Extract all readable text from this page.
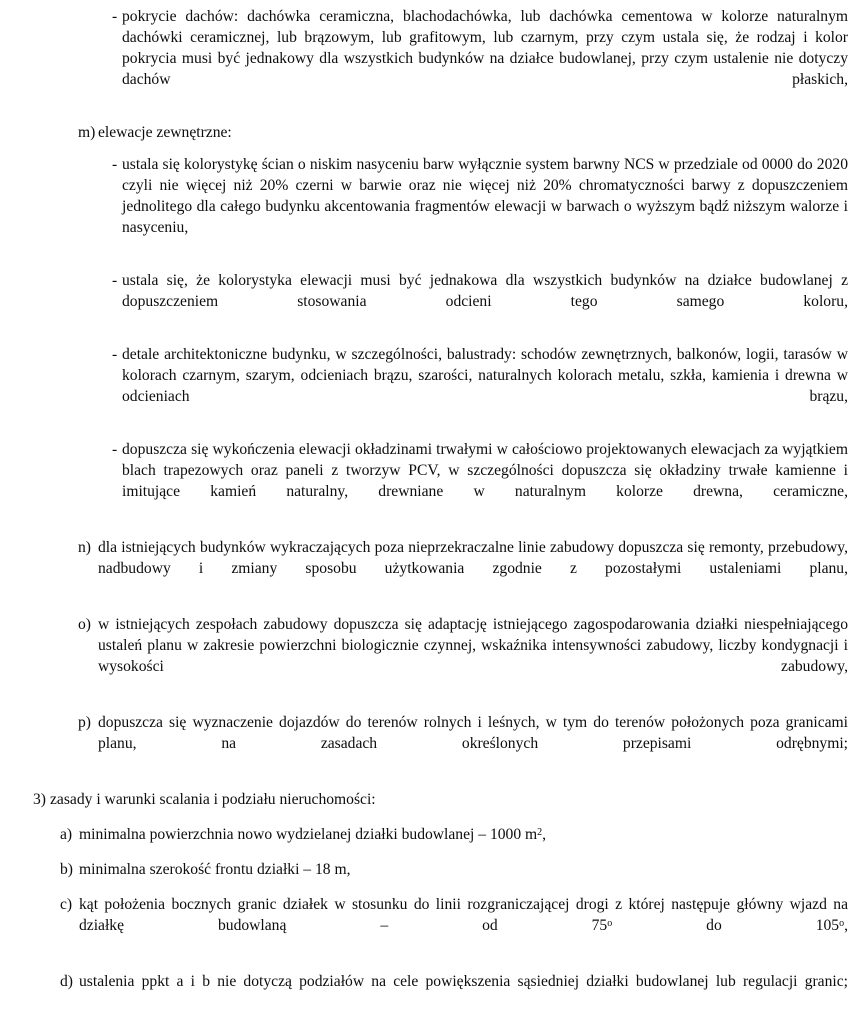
- pokrycie dachów: dachówka ceramiczna, blachodachówka, lub dachówka cementowa w kolorze naturalnym dachówki ceramicznej, lub brązowym, lub grafitowym, lub czarnym, przy czym ustala się, że rodzaj i kolor pokrycia musi być jednakowy dla wszystkich budynków na działce budowlanej, przy czym ustalenie nie dotyczy dachów płaskich,
m) elewacje zewnętrzne:
- ustala się kolorystykę ścian o niskim nasyceniu barw wyłącznie system barwny NCS w przedziale od 0000 do 2020 czyli nie więcej niż 20% czerni w barwie oraz nie więcej niż 20% chromatyczności barwy z dopuszczeniem jednolitego dla całego budynku akcentowania fragmentów elewacji w barwach o wyższym bądź niższym walorze i nasyceniu,
- ustala się, że kolorystyka elewacji musi być jednakowa dla wszystkich budynków na działce budowlanej z dopuszczeniem stosowania odcieni tego samego koloru,
- detale architektoniczne budynku, w szczególności, balustrady: schodów zewnętrznych, balkonów, logii, tarasów w kolorach czarnym, szarym, odcieniach brązu, szarości, naturalnych kolorach metalu, szkła, kamienia i drewna w odcieniach brązu,
- dopuszcza się wykończenia elewacji okładzinami trwałymi w całościowo projektowanych elewacjach za wyjątkiem blach trapezowych oraz paneli z tworzyw PCV, w szczególności dopuszcza się okładziny trwałe kamienne i imitujące kamień naturalny, drewniane w naturalnym kolorze drewna, ceramiczne,
n) dla istniejących budynków wykraczających poza nieprzekraczalne linie zabudowy dopuszcza się remonty, przebudowy, nadbudowy i zmiany sposobu użytkowania zgodnie z pozostałymi ustaleniami planu,
o) w istniejących zespołach zabudowy dopuszcza się adaptację istniejącego zagospodarowania działki niespełniającego ustaleń planu w zakresie powierzchni biologicznie czynnej, wskaźnika intensywności zabudowy, liczby kondygnacji i wysokości zabudowy,
p) dopuszcza się wyznaczenie dojazdów do terenów rolnych i leśnych, w tym do terenów położonych poza granicami planu, na zasadach określonych przepisami odrębnymi;
3) zasady i warunki scalania i podziału nieruchomości:
a) minimalna powierzchnia nowo wydzielanej działki budowlanej – 1000 $m^2$,
b) minimalna szerokość frontu działki – 18 m,
c) kąt położenia bocznych granic działek w stosunku do linii rozgraniczającej drogi z której następuje główny wjazd na działkę budowlaną – od 75$^o$ do 105$^o$,
d) ustalenia ppkt a i b nie dotyczą podziałów na cele powiększenia sąsiedniej działki budowlanej lub regulacji granic;
